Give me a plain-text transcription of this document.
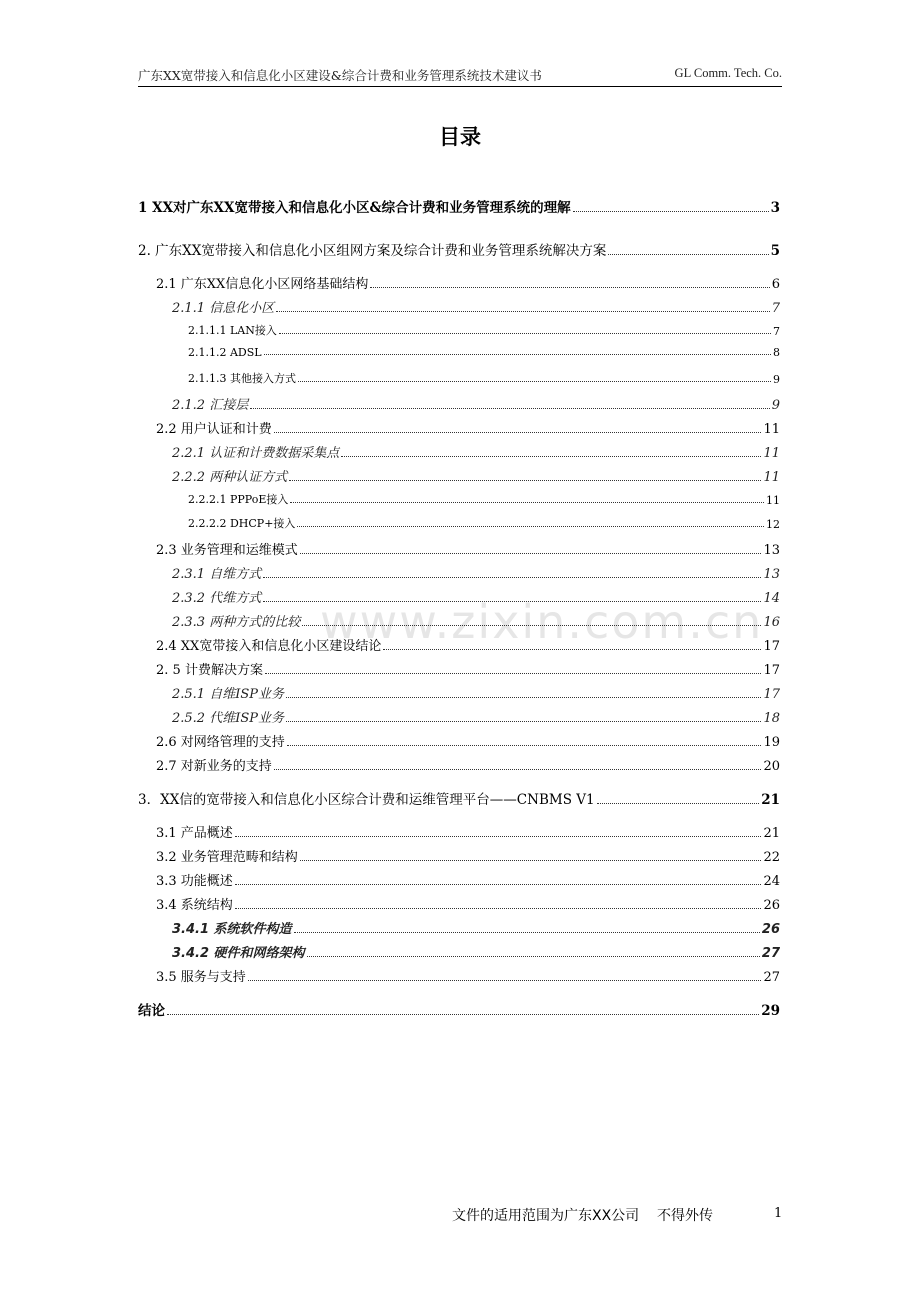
广东XX宽带接入和信息化小区建设&综合计费和业务管理系统技术建议书	GL Comm. Tech. Co.
目录
www.zixin.com.cn
1 XX对广东XX宽带接入和信息化小区&综合计费和业务管理系统的理解	3
2. 广东XX宽带接入和信息化小区组网方案及综合计费和业务管理系统解决方案	5
2.1 广东XX信息化小区网络基础结构	6
2.1.1 信息化小区	7
2.1.1.1 LAN接入	7
2.1.1.2 ADSL	8
2.1.1.3 其他接入方式	9
2.1.2 汇接层	9
2.2 用户认证和计费	11
2.2.1 认证和计费数据采集点	11
2.2.2 两种认证方式	11
2.2.2.1 PPPoE接入	11
2.2.2.2 DHCP+接入	12
2.3 业务管理和运维模式	13
2.3.1 自维方式	13
2.3.2 代维方式	14
2.3.3 两种方式的比较	16
2.4 XX宽带接入和信息化小区建设结论	17
2. 5 计费解决方案	17
2.5.1 自维ISP业务	17
2.5.2 代维ISP业务	18
2.6 对网络管理的支持	19
2.7 对新业务的支持	20
3．XX信的宽带接入和信息化小区综合计费和运维管理平台——CNBMS V1	21
3.1 产品概述	21
3.2 业务管理范畴和结构	22
3.3 功能概述	24
3.4 系统结构	26
3.4.1 系统软件构造	26
3.4.2 硬件和网络架构	27
3.5 服务与支持	27
结论	29
文件的适用范围为广东XX公司    不得外传	1
